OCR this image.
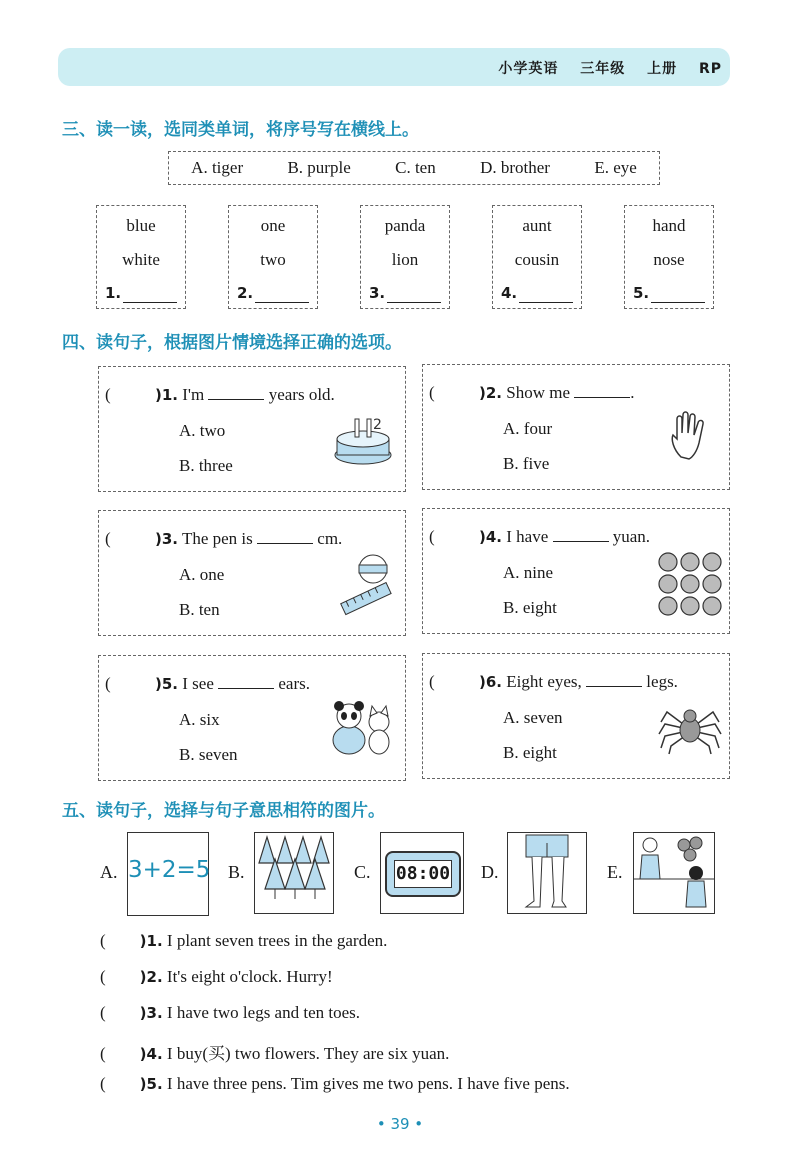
小学英语 三年级 上册 RP
三、读一读，选同类单词，将序号写在横线上。
A. tiger	B. purple	C. ten	D. brother	E. eye
blue
white
1.
one
two
2.
panda
lion
3.
aunt
cousin
4.
hand
nose
5.
四、读句子，根据图片情境选择正确的选项。
(	)1. I'm	years old.
A. two
B. three
2
(	)2. Show me	.
A. four
B. five
(	)3. The pen is	cm.
A. one
B. ten
(	)4. I have	yuan.
A. nine
B. eight
(	)5. I see	ears.
A. six
B. seven
(	)6. Eight eyes,	legs.
A. seven
B. eight
五、读句子，选择与句子意思相符的图片。
A. 3+2=5 B.	C. 08:00 D.	E.
( )1. I plant seven trees in the garden.
( )2. It's eight o'clock. Hurry!
( )3. I have two legs and ten toes.
( )4. I buy(买) two flowers. They are six yuan.
( )5. I have three pens. Tim gives me two pens. I have five pens.
• 39 •
